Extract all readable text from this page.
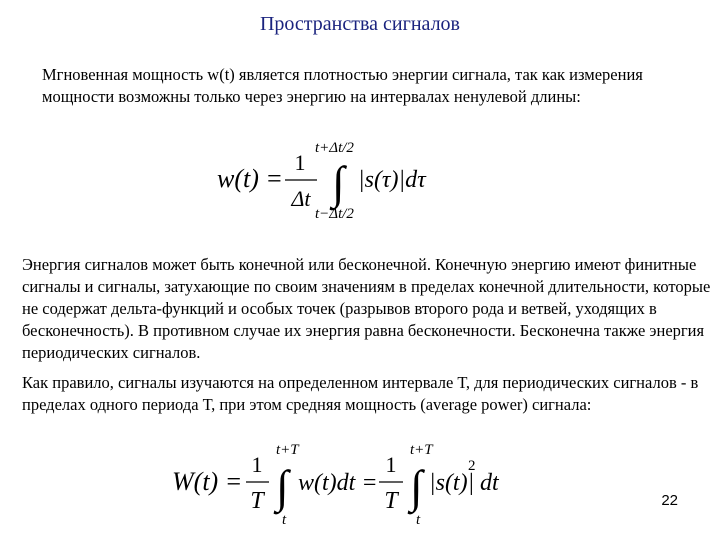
Пространства сигналов

Мгновенная мощность w(t) является плотностью энергии сигнала, так как измерения мощности возможны только через энергию на интервалах ненулевой длины:

w(t) =
1
Δt ∫
t+Δt/2
t−Δt/2
|s(τ)|dτ

Энергия сигналов может быть конечной или бесконечной. Конечную энергию имеют финитные сигналы и сигналы, затухающие по своим значениям в пределах конечной длительности, которые не содержат дельта-функций и особых точек (разрывов второго рода и ветвей, уходящих в бесконечность). В противном случае их энергия равна бесконечности. Бесконечна также энергия периодических сигналов.

Как правило, сигналы изучаются на определенном интервале Т, для периодических сигналов - в пределах одного периода Т, при этом средняя мощность (average power) сигнала:

W(t) =
1
T ∫
t+T
t
w(t)dt =
1
T ∫
t+T
t
|s(t)|
2
dt
22
